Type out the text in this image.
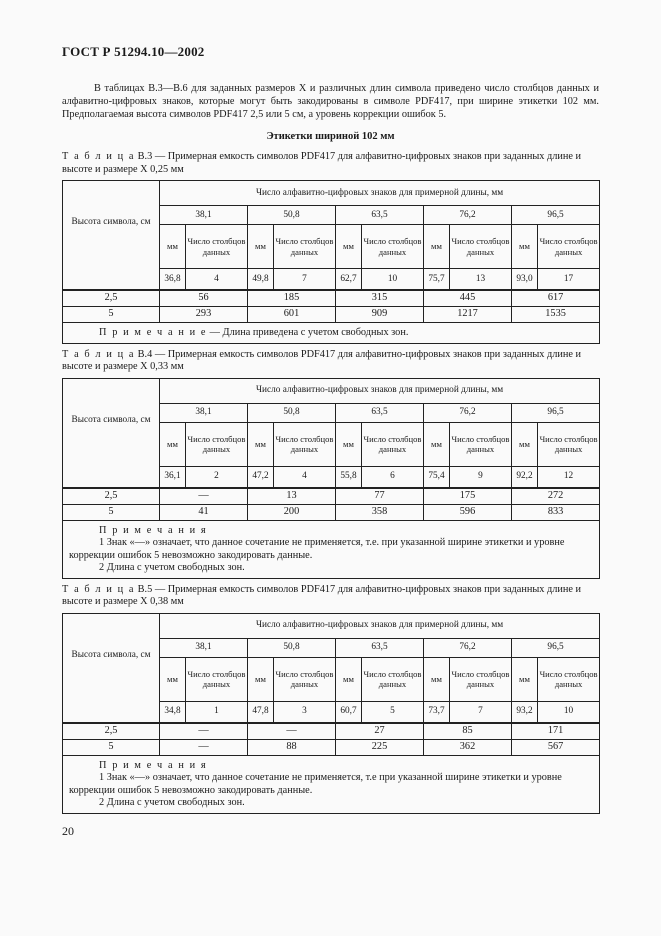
ГОСТ Р 51294.10—2002

В таблицах В.3—В.6 для заданных размеров X и различных длин символа приведено число столбцов данных и алфавитно-цифровых знаков, которые могут быть закодированы в символе PDF417, при ширине этикетки 102 мм. Предполагаемая высота символов PDF417 2,5 или 5 см, а уровень коррекции ошибок 5.

Этикетки шириной 102 мм
Т а б л и ц а В.3 — Примерная емкость символов PDF417 для алфавитно-цифровых знаков при заданных длине и высоте и размере X 0,25 мм
Высота символа, см	Число алфавитно-цифровых знаков для примерной длины, мм									
	38,1		50,8		63,5		76,2		96,5	
	мм	Число столбцов данных	мм	Число столбцов данных	мм	Число столбцов данных	мм	Число столбцов данных	мм	Число столбцов данных
	36,8	4	49,8	7	62,7	10	75,7	13	93,0	17
2,5	56		185		315		445		617	
5	293		601		909		1217		1535	

П р и м е ч а н и е — Длина приведена с учетом свободных зон.										
Т а б л и ц а В.4 — Примерная емкость символов PDF417 для алфавитно-цифровых знаков при заданных длине и высоте и размере X 0,33 мм
Высота символа, см	Число алфавитно-цифровых знаков для примерной длины, мм									
	38,1		50,8		63,5		76,2		96,5	
	мм	Число столбцов данных	мм	Число столбцов данных	мм	Число столбцов данных	мм	Число столбцов данных	мм	Число столбцов данных
	36,1	2	47,2	4	55,8	6	75,4	9	92,2	12
2,5	—		13		77		175		272	
5	41		200		358		596		833	

П р и м е ч а н и я
1 Знак «—» означает, что данное сочетание не применяется, т.е. при указанной ширине этикетки и уровне коррекции ошибок 5 невозможно закодировать данные.
2 Длина с учетом свободных зон.										
Т а б л и ц а В.5 — Примерная емкость символов PDF417 для алфавитно-цифровых знаков при заданных длине и высоте и размере X 0,38 мм
Высота символа, см	Число алфавитно-цифровых знаков для примерной длины, мм									
	38,1		50,8		63,5		76,2		96,5	
	мм	Число столбцов данных	мм	Число столбцов данных	мм	Число столбцов данных	мм	Число столбцов данных	мм	Число столбцов данных
	34,8	1	47,8	3	60,7	5	73,7	7	93,2	10
2,5	—		—		27		85		171	
5	—		88		225		362		567	

П р и м е ч а н и я
1 Знак «—» означает, что данное сочетание не применяется, т.е при указанной ширине этикетки и уровне коррекции ошибок 5 невозможно закодировать данные.
2 Длина с учетом свободных зон.										
20
